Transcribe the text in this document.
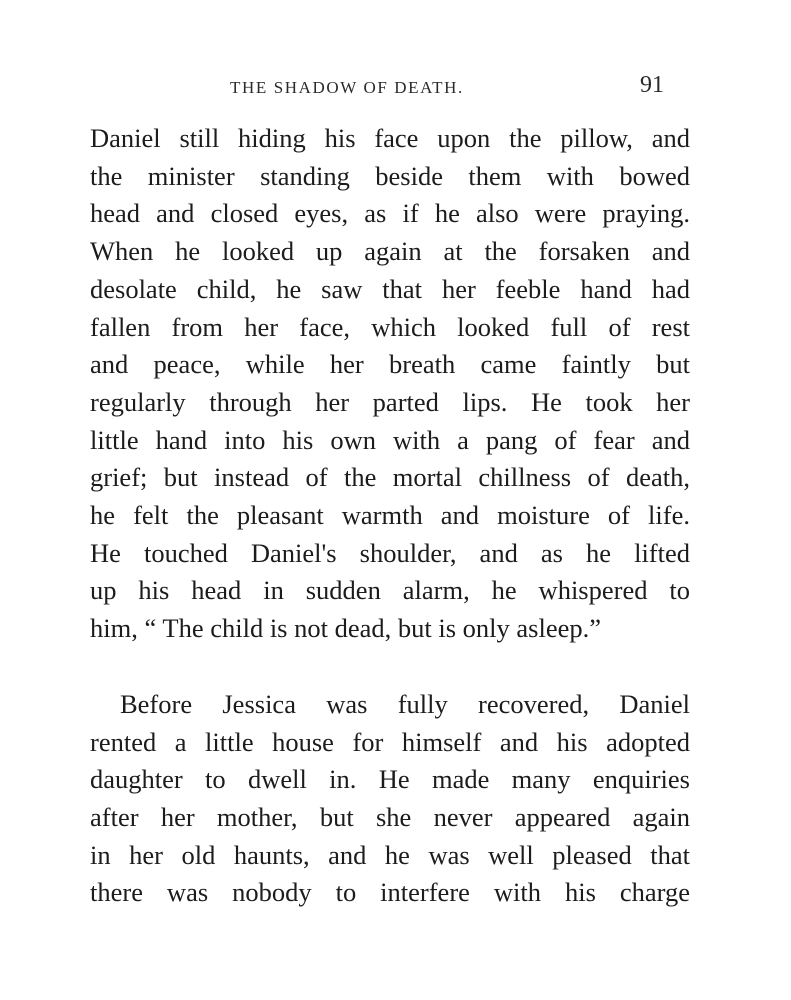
THE SHADOW OF DEATH.	91

Daniel still hiding his face upon the pillow, and
the minister standing beside them with bowed
head and closed eyes, as if he also were praying.
When he looked up again at the forsaken and
desolate child, he saw that her feeble hand had
fallen from her face, which looked full of rest
and peace, while her breath came faintly but
regularly through her parted lips. He took her
little hand into his own with a pang of fear and
grief; but instead of the mortal chillness of death,
he felt the pleasant warmth and moisture of life.
He touched Daniel's shoulder, and as he lifted
up his head in sudden alarm, he whispered to
him, “ The child is not dead, but is only asleep.”

Before Jessica was fully recovered, Daniel
rented a little house for himself and his adopted
daughter to dwell in. He made many enquiries
after her mother, but she never appeared again
in her old haunts, and he was well pleased that
there was nobody to interfere with his charge
